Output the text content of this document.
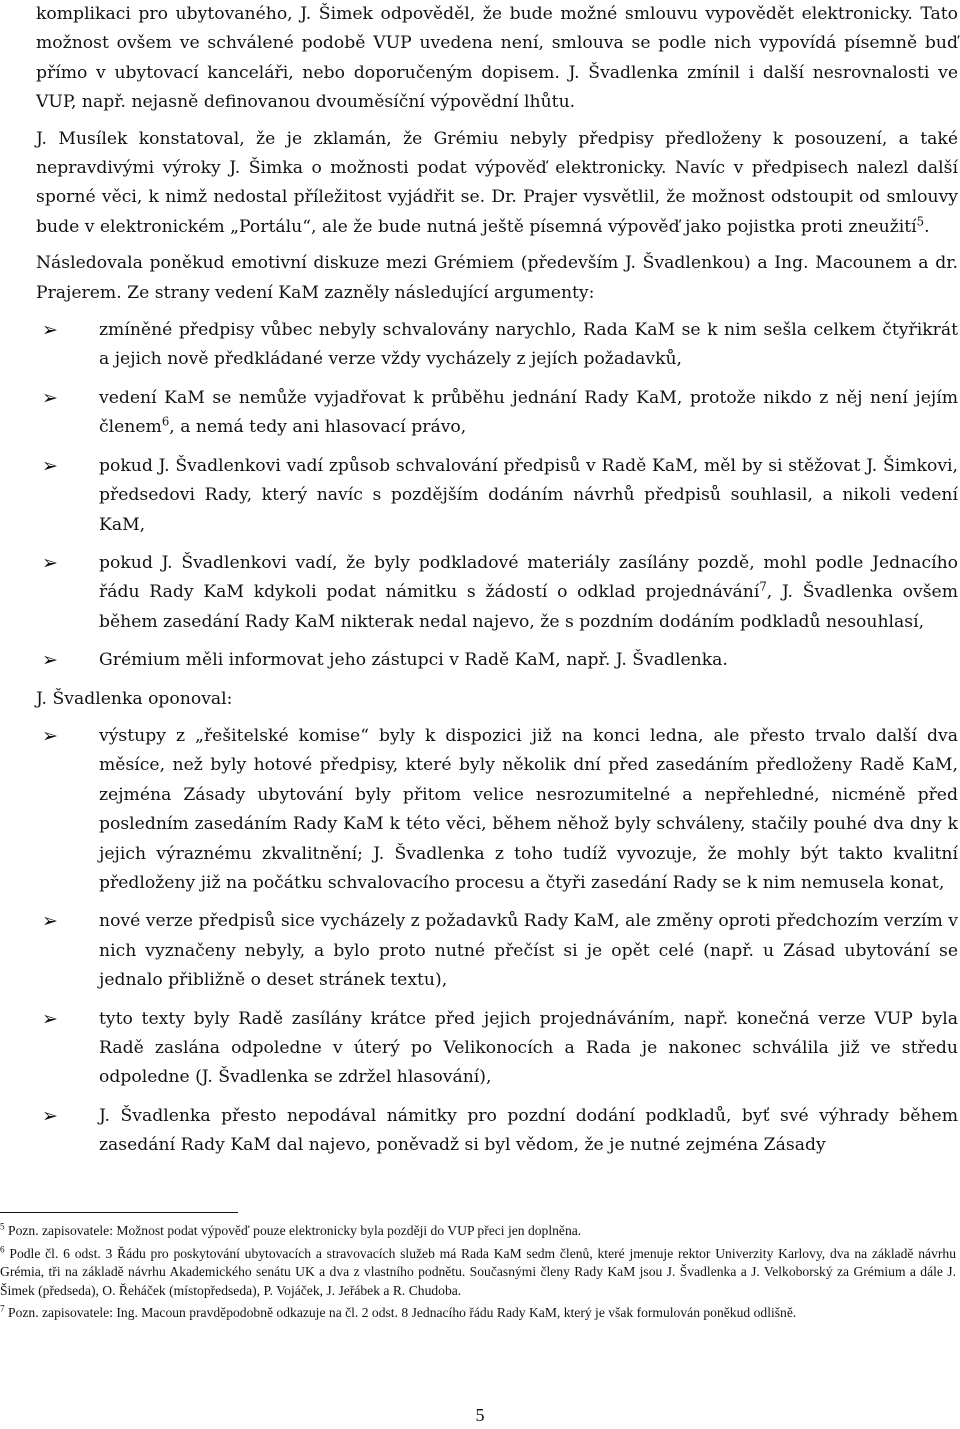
komplikaci pro ubytovaného, J. Šimek odpověděl, že bude možné smlouvu vypovědět elektronicky. Tato možnost ovšem ve schválené podobě VUP uvedena není, smlouva se podle nich vypovídá písemně buď přímo v ubytovací kanceláři, nebo doporučeným dopisem. J. Švadlenka zmínil i další nesrovnalosti ve VUP, např. nejasně definovanou dvouměsíční výpovědní lhůtu.

J. Musílek konstatoval, že je zklamán, že Grémiu nebyly předpisy předloženy k posouzení, a také nepravdivými výroky J. Šimka o možnosti podat výpověď elektronicky. Navíc v předpisech nalezl další sporné věci, k nimž nedostal příležitost vyjádřit se. Dr. Prajer vysvětlil, že možnost odstoupit od smlouvy bude v elektronickém „Portálu“, ale že bude nutná ještě písemná výpověď jako pojistka proti zneužití$^5$.

Následovala poněkud emotivní diskuze mezi Grémiem (především J. Švadlenkou) a Ing. Macounem a dr. Prajerem. Ze strany vedení KaM zazněly následující argumenty:

➢ zmíněné předpisy vůbec nebyly schvalovány narychlo, Rada KaM se k nim sešla celkem čtyřikrát a jejich nově předkládané verze vždy vycházely z jejích požadavků,
➢ vedení KaM se nemůže vyjadřovat k průběhu jednání Rady KaM, protože nikdo z něj není jejím členem$^6$, a nemá tedy ani hlasovací právo,
➢ pokud J. Švadlenkovi vadí způsob schvalování předpisů v Radě KaM, měl by si stěžovat J. Šimkovi, předsedovi Rady, který navíc s pozdějším dodáním návrhů předpisů souhlasil, a nikoli vedení KaM,
➢ pokud J. Švadlenkovi vadí, že byly podkladové materiály zasílány pozdě, mohl podle Jednacího řádu Rady KaM kdykoli podat námitku s žádostí o odklad projednávání$^7$, J. Švadlenka ovšem během zasedání Rady KaM nikterak nedal najevo, že s pozdním dodáním podkladů nesouhlasí,
➢ Grémium měli informovat jeho zástupci v Radě KaM, např. J. Švadlenka.

J. Švadlenka oponoval:

➢ výstupy z „řešitelské komise“ byly k dispozici již na konci ledna, ale přesto trvalo další dva měsíce, než byly hotové předpisy, které byly několik dní před zasedáním předloženy Radě KaM, zejména Zásady ubytování byly přitom velice nesrozumitelné a nepřehledné, nicméně před posledním zasedáním Rady KaM k této věci, během něhož byly schváleny, stačily pouhé dva dny k jejich výraznému zkvalitnění; J. Švadlenka z toho tudíž vyvozuje, že mohly být takto kvalitní předloženy již na počátku schvalovacího procesu a čtyři zasedání Rady se k nim nemusela konat,
➢ nové verze předpisů sice vycházely z požadavků Rady KaM, ale změny oproti předchozím verzím v nich vyznačeny nebyly, a bylo proto nutné přečíst si je opět celé (např. u Zásad ubytování se jednalo přibližně o deset stránek textu),
➢ tyto texty byly Radě zasílány krátce před jejich projednáváním, např. konečná verze VUP byla Radě zaslána odpoledne v úterý po Velikonocích a Rada je nakonec schválila již ve středu odpoledne (J. Švadlenka se zdržel hlasování),
➢ J. Švadlenka přesto nepodával námitky pro pozdní dodání podkladů, byť své výhrady během zasedání Rady KaM dal najevo, poněvadž si byl vědom, že je nutné zejména Zásady

$^5$ Pozn. zapisovatele: Možnost podat výpověď pouze elektronicky byla později do VUP přeci jen doplněna.

$^6$ Podle čl. 6 odst. 3 Řádu pro poskytování ubytovacích a stravovacích služeb má Rada KaM sedm členů, které jmenuje rektor Univerzity Karlovy, dva na základě návrhu Grémia, tři na základě návrhu Akademického senátu UK a dva z vlastního podnětu. Současnými členy Rady KaM jsou J. Švadlenka a J. Velkoborský za Grémium a dále J. Šimek (předseda), O. Řeháček (místopředseda), P. Vojáček, J. Jeřábek a R. Chudoba.

$^7$ Pozn. zapisovatele: Ing. Macoun pravděpodobně odkazuje na čl. 2 odst. 8 Jednacího řádu Rady KaM, který je však formulován poněkud odlišně.

5
